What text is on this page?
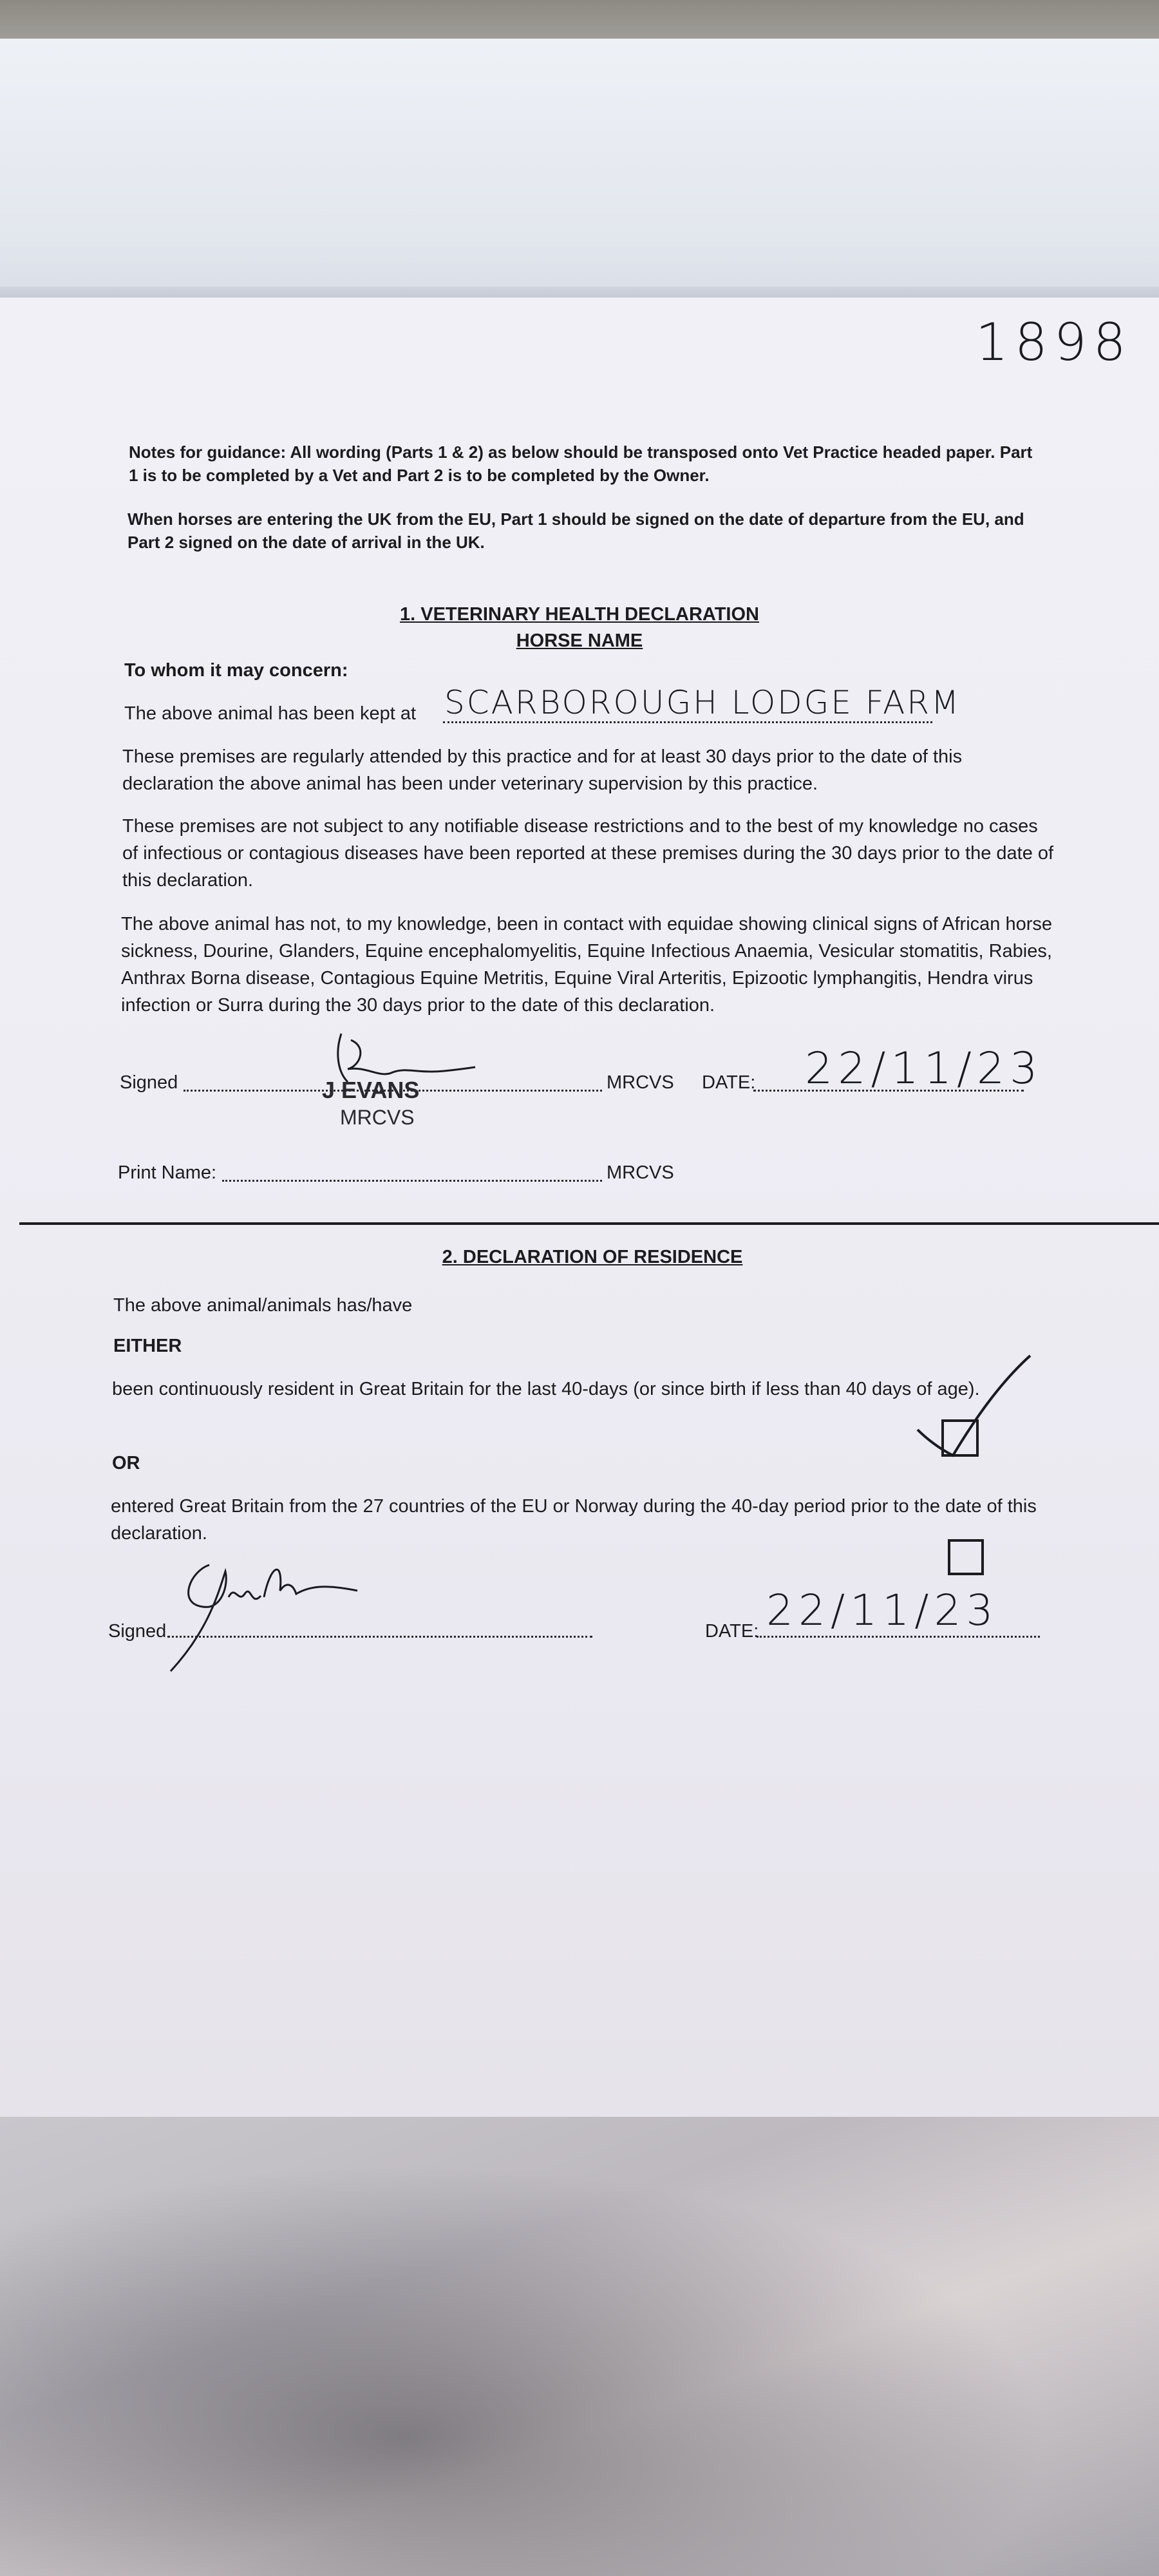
1898
Notes for guidance: All wording (Parts 1 & 2) as below should be transposed onto Vet Practice headed paper. Part 1 is to be completed by a Vet and Part 2 is to be completed by the Owner.
When horses are entering the UK from the EU, Part 1 should be signed on the date of departure from the EU, and Part 2 signed on the date of arrival in the UK.
1. VETERINARY HEALTH DECLARATION
HORSE NAME
To whom it may concern:
The above animal has been kept at SCARBOROUGH LODGE FARM
These premises are regularly attended by this practice and for at least 30 days prior to the date of this declaration the above animal has been under veterinary supervision by this practice.
These premises are not subject to any notifiable disease restrictions and to the best of my knowledge no cases of infectious or contagious diseases have been reported at these premises during the 30 days prior to the date of this declaration.
The above animal has not, to my knowledge, been in contact with equidae showing clinical signs of African horse sickness, Dourine, Glanders, Equine encephalomyelitis, Equine Infectious Anaemia, Vesicular stomatitis, Rabies, Anthrax Borna disease, Contagious Equine Metritis, Equine Viral Arteritis, Epizootic lymphangitis, Hendra virus infection or Surra during the 30 days prior to the date of this declaration.
Signed	J EVANS
MRCVS
MRCVS DATE: 22/11/23
Print Name:	MRCVS
2. DECLARATION OF RESIDENCE
The above animal/animals has/have
EITHER
been continuously resident in Great Britain for the last 40-days (or since birth if less than 40 days of age).
OR
entered Great Britain from the 27 countries of the EU or Norway during the 40-day period prior to the date of this declaration.
Signed	DATE: 22/11/23
